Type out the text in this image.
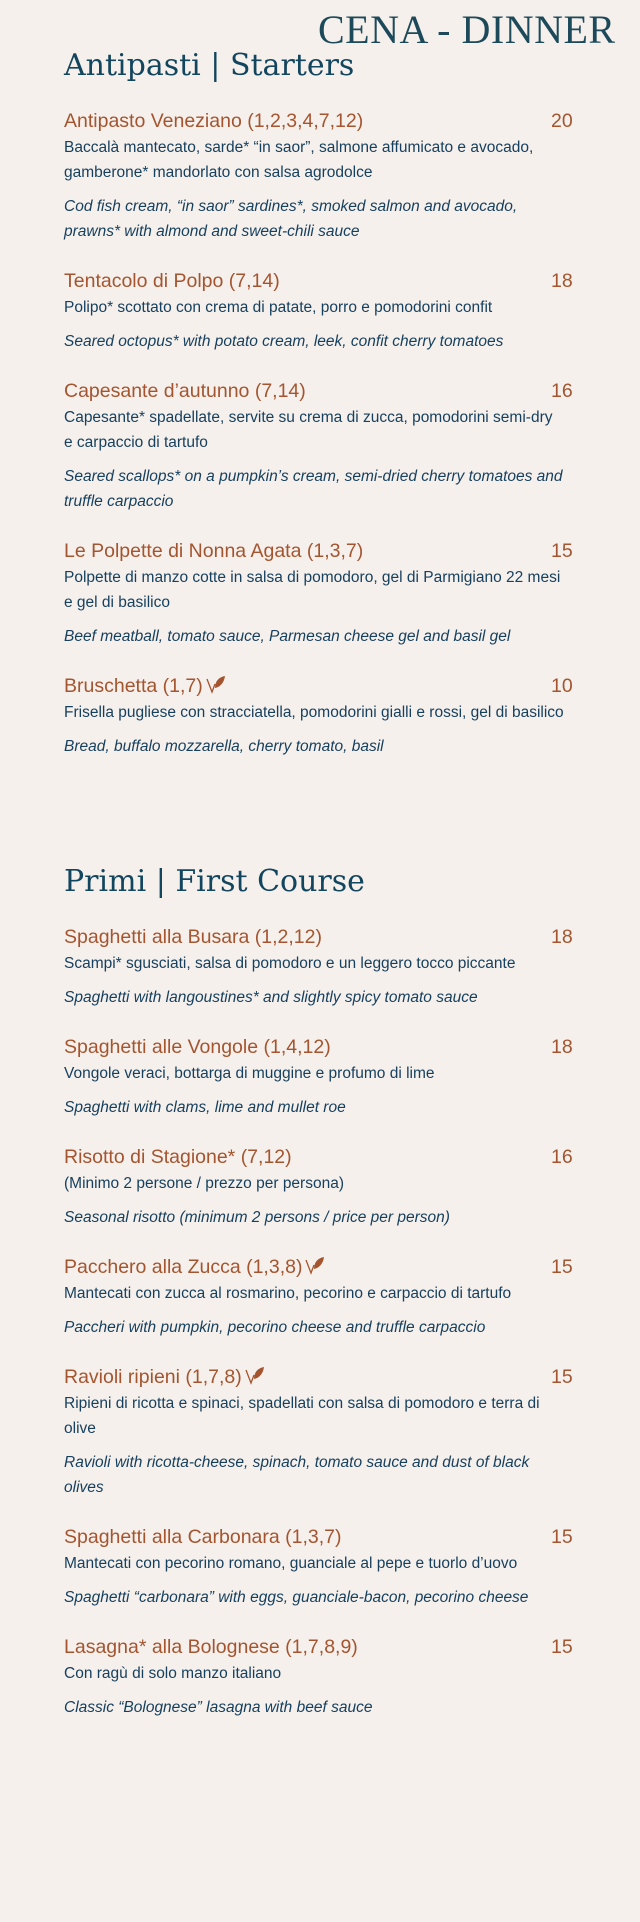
CENA - DINNER
Antipasti | Starters
Antipasto Veneziano (1,2,3,4,7,12)	20
Baccalà mantecato, sarde* “in saor”, salmone affumicato e avocado, gamberone* mandorlato con salsa agrodolce
Cod fish cream, “in saor” sardines*, smoked salmon and avocado, prawns* with almond and sweet-chili sauce
Tentacolo di Polpo (7,14)	18
Polipo* scottato con crema di patate, porro e pomodorini confit
Seared octopus* with potato cream, leek, confit cherry tomatoes
Capesante d’autunno (7,14)	16
Capesante* spadellate, servite su crema di zucca, pomodorini semi-dry e carpaccio di tartufo
Seared scallops* on a pumpkin’s cream, semi-dried cherry tomatoes and truffle carpaccio
Le Polpette di Nonna Agata (1,3,7)	15
Polpette di manzo cotte in salsa di pomodoro, gel di Parmigiano 22 mesi e gel di basilico
Beef meatball, tomato sauce, Parmesan cheese gel and basil gel
Bruschetta (1,7)	10
Frisella pugliese con stracciatella, pomodorini gialli e rossi, gel di basilico
Bread, buffalo mozzarella, cherry tomato, basil
Primi | First Course
Spaghetti alla Busara (1,2,12)	18
Scampi* sgusciati, salsa di pomodoro e un leggero tocco piccante
Spaghetti with langoustines* and slightly spicy tomato sauce
Spaghetti alle Vongole (1,4,12)	18
Vongole veraci, bottarga di muggine e profumo di lime
Spaghetti with clams, lime and mullet roe
Risotto di Stagione* (7,12)	16
(Minimo 2 persone / prezzo per persona)
Seasonal risotto (minimum 2 persons / price per person)
Pacchero alla Zucca (1,3,8)	15
Mantecati con zucca al rosmarino, pecorino e carpaccio di tartufo
Paccheri with pumpkin, pecorino cheese and truffle carpaccio
Ravioli ripieni (1,7,8)	15
Ripieni di ricotta e spinaci, spadellati con salsa di pomodoro e terra di olive
Ravioli with ricotta-cheese, spinach, tomato sauce and dust of black olives
Spaghetti alla Carbonara (1,3,7)	15
Mantecati con pecorino romano, guanciale al pepe e tuorlo d’uovo
Spaghetti “carbonara” with eggs, guanciale-bacon, pecorino cheese
Lasagna* alla Bolognese (1,7,8,9)	15
Con ragù di solo manzo italiano
Classic “Bolognese” lasagna with beef sauce
